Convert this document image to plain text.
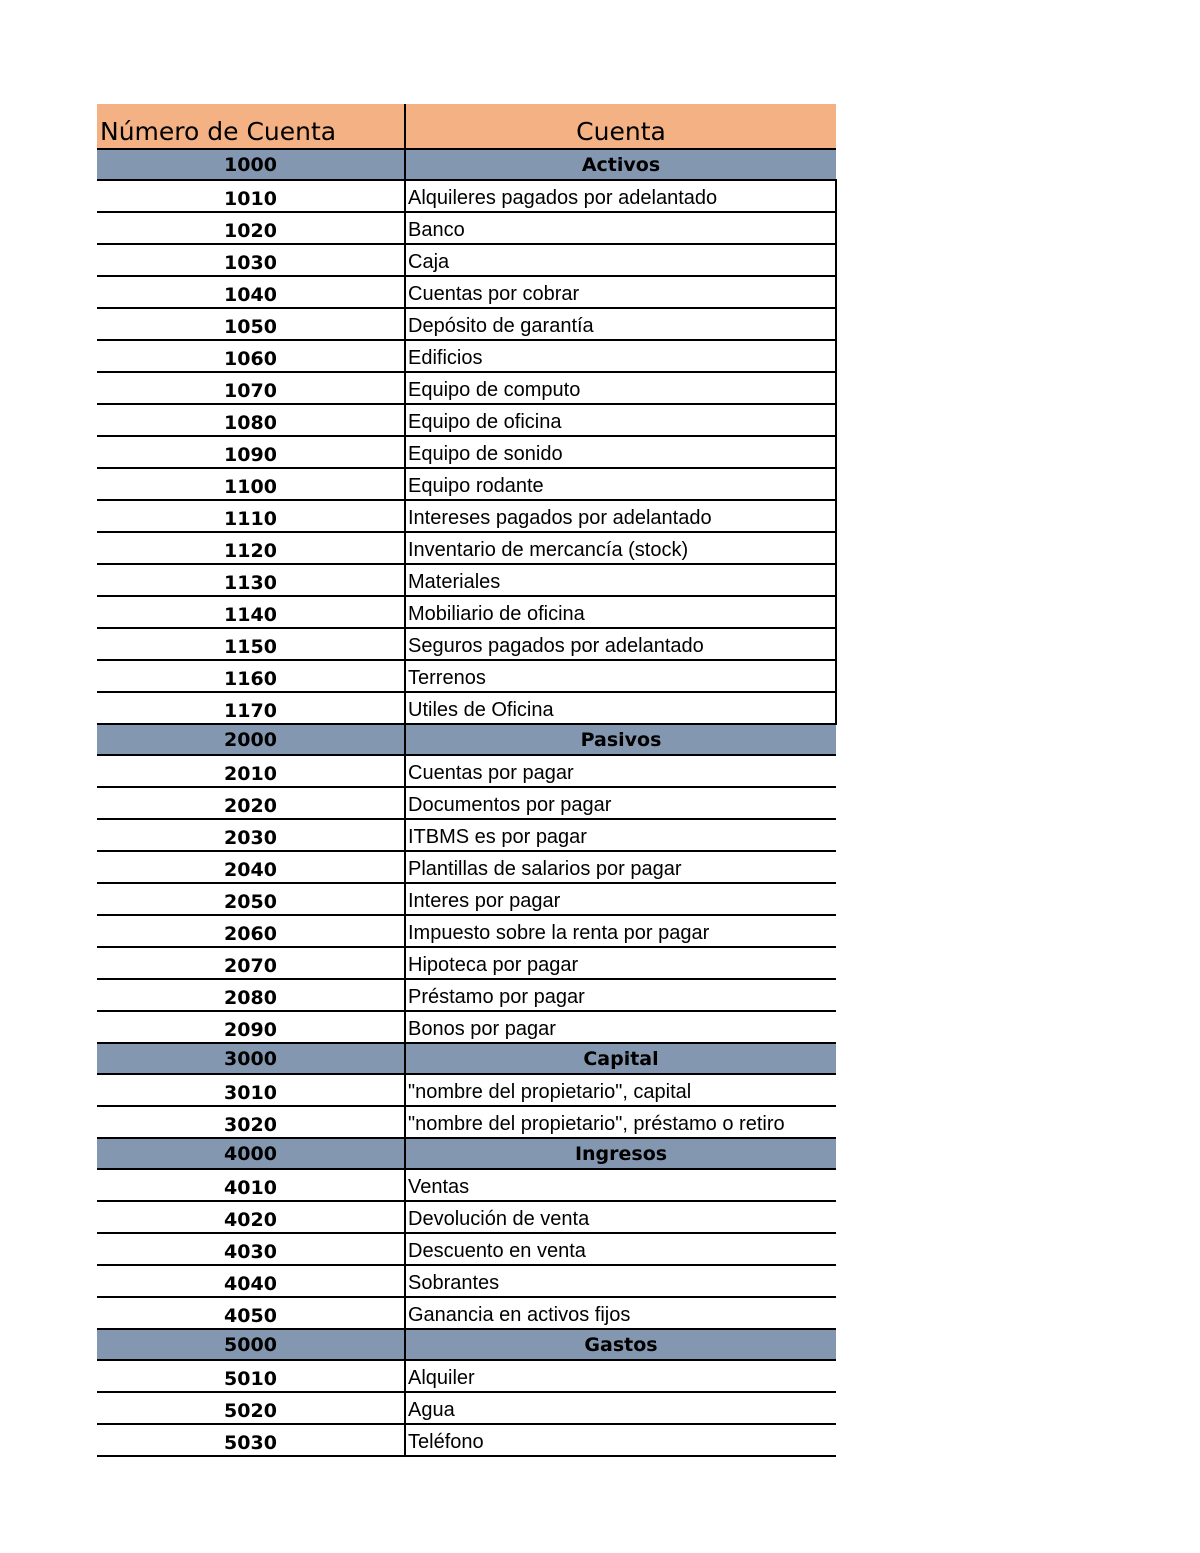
Número de Cuenta	Cuenta
1000	Activos
1010	Alquileres pagados por adelantado
1020	Banco
1030	Caja
1040	Cuentas por cobrar
1050	Depósito de garantía
1060	Edificios
1070	Equipo de computo
1080	Equipo de oficina
1090	Equipo de sonido
1100	Equipo rodante
1110	Intereses pagados por adelantado
1120	Inventario de mercancía (stock)
1130	Materiales
1140	Mobiliario de oficina
1150	Seguros pagados por adelantado
1160	Terrenos
1170	Utiles de Oficina
2000	Pasivos
2010	Cuentas por pagar
2020	Documentos por pagar
2030	ITBMS es por pagar
2040	Plantillas de salarios por pagar
2050	Interes por pagar
2060	Impuesto sobre la renta por pagar
2070	Hipoteca por pagar
2080	Préstamo por pagar
2090	Bonos por pagar
3000	Capital
3010	"nombre del propietario", capital
3020	"nombre del propietario", préstamo o retiro
4000	Ingresos
4010	Ventas
4020	Devolución de venta
4030	Descuento en venta
4040	Sobrantes
4050	Ganancia en activos fijos
5000	Gastos
5010	Alquiler
5020	Agua
5030	Teléfono
